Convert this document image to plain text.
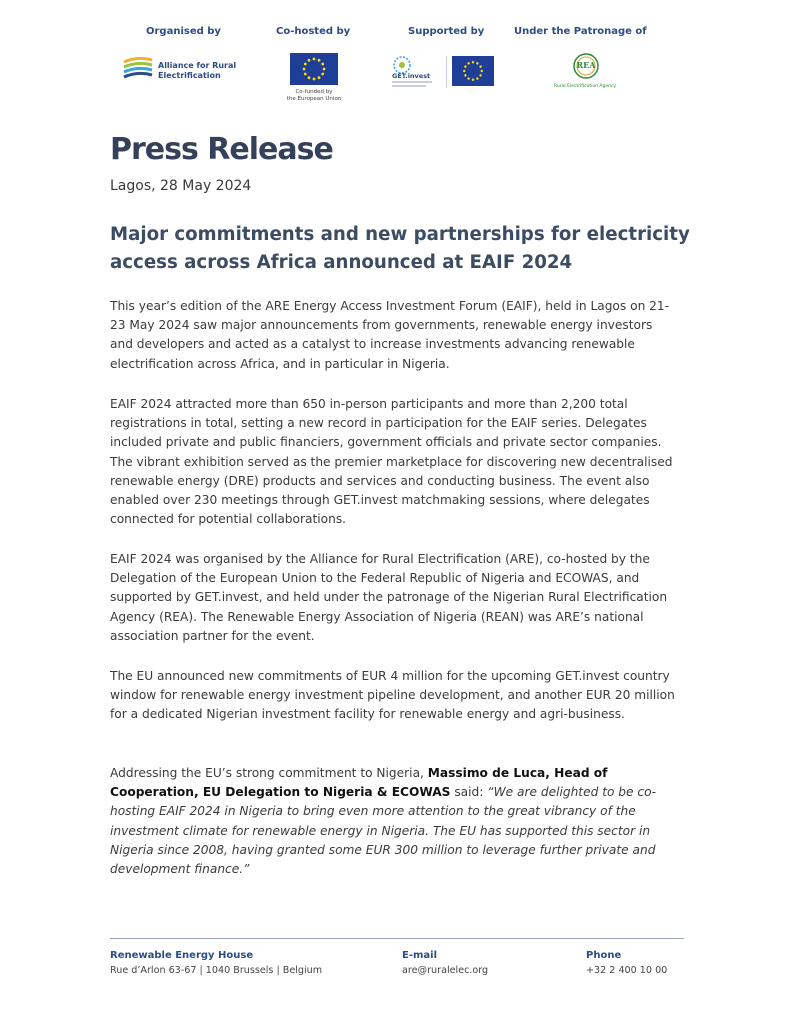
Organised by	Co-hosted by	Supported by	Under the Patronage of
Alliance for Rural
Electrification
Co-funded by
the European Union
GET.invest
REA
Rural Electrification Agency
Press Release
Lagos, 28 May 2024
Major commitments and new partnerships for electricity access across Africa announced at EAIF 2024

This year’s edition of the ARE Energy Access Investment Forum (EAIF), held in Lagos on 21-23 May 2024 saw major announcements from governments, renewable energy investors and developers and acted as a catalyst to increase investments advancing renewable electrification across Africa, and in particular in Nigeria.

EAIF 2024 attracted more than 650 in-person participants and more than 2,200 total registrations in total, setting a new record in participation for the EAIF series. Delegates included private and public financiers, government officials and private sector companies. The vibrant exhibition served as the premier marketplace for discovering new decentralised renewable energy (DRE) products and services and conducting business. The event also enabled over 230 meetings through GET.invest matchmaking sessions, where delegates connected for potential collaborations.

EAIF 2024 was organised by the Alliance for Rural Electrification (ARE), co-hosted by the Delegation of the European Union to the Federal Republic of Nigeria and ECOWAS, and supported by GET.invest, and held under the patronage of the Nigerian Rural Electrification Agency (REA). The Renewable Energy Association of Nigeria (REAN) was ARE’s national association partner for the event.

The EU announced new commitments of EUR 4 million for the upcoming GET.invest country window for renewable energy investment pipeline development, and another EUR 20 million for a dedicated Nigerian investment facility for renewable energy and agri-business.

Addressing the EU’s strong commitment to Nigeria, Massimo de Luca, Head of Cooperation, EU Delegation to Nigeria & ECOWAS said: “We are delighted to be co-hosting EAIF 2024 in Nigeria to bring even more attention to the great vibrancy of the investment climate for renewable energy in Nigeria. The EU has supported this sector in Nigeria since 2008, having granted some EUR 300 million to leverage further private and development finance.”

Renewable Energy House
Rue d’Arlon 63-67 | 1040 Brussels | Belgium
E-mail
are@ruralelec.org
Phone
+32 2 400 10 00
